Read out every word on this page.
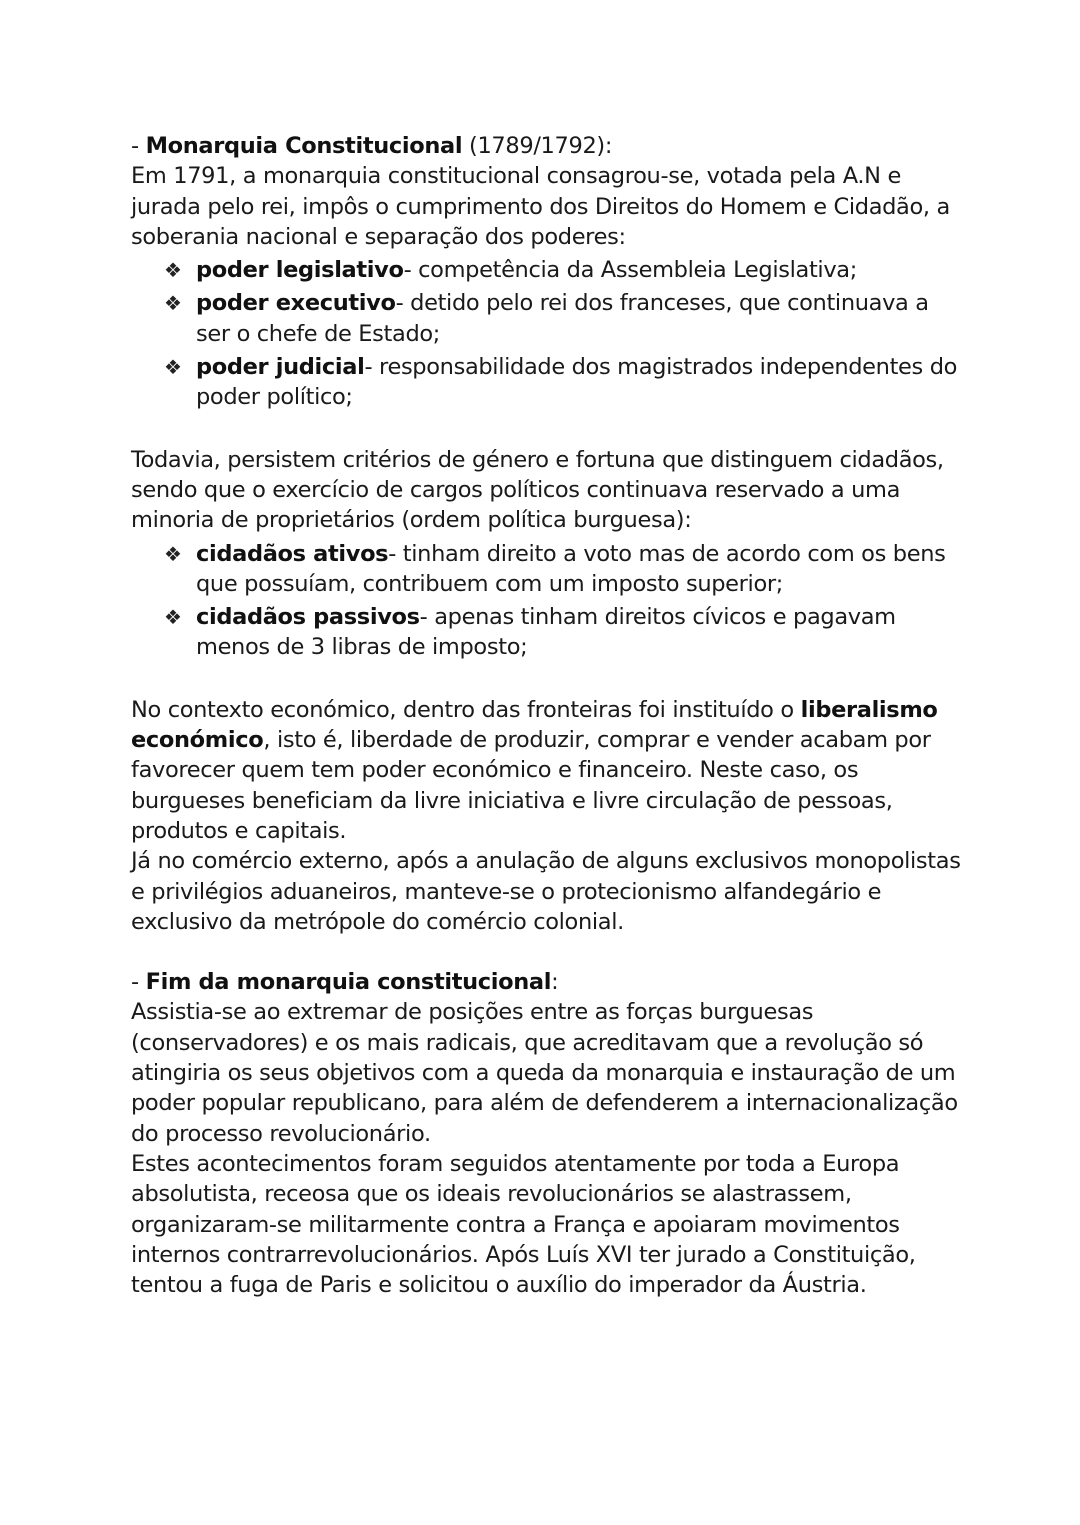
- Monarquia Constitucional (1789/1792):

Em 1791, a monarquia constitucional consagrou-se, votada pela A.N e jurada pelo rei, impôs o cumprimento dos Direitos do Homem e Cidadão, a soberania nacional e separação dos poderes:

❖ poder legislativo- competência da Assembleia Legislativa;
❖ poder executivo- detido pelo rei dos franceses, que continuava a ser o chefe de Estado;
❖ poder judicial- responsabilidade dos magistrados independentes do poder político;

Todavia, persistem critérios de género e fortuna que distinguem cidadãos, sendo que o exercício de cargos políticos continuava reservado a uma minoria de proprietários (ordem política burguesa):

❖ cidadãos ativos- tinham direito a voto mas de acordo com os bens que possuíam, contribuem com um imposto superior;
❖ cidadãos passivos- apenas tinham direitos cívicos e pagavam menos de 3 libras de imposto;

No contexto económico, dentro das fronteiras foi instituído o liberalismo económico, isto é, liberdade de produzir, comprar e vender acabam por favorecer quem tem poder económico e financeiro. Neste caso, os burgueses beneficiam da livre iniciativa e livre circulação de pessoas, produtos e capitais.

Já no comércio externo, após a anulação de alguns exclusivos monopolistas e privilégios aduaneiros, manteve-se o protecionismo alfandegário e exclusivo da metrópole do comércio colonial.

- Fim da monarquia constitucional:

Assistia-se ao extremar de posições entre as forças burguesas (conservadores) e os mais radicais, que acreditavam que a revolução só atingiria os seus objetivos com a queda da monarquia e instauração de um poder popular republicano, para além de defenderem a internacionalização do processo revolucionário.

Estes acontecimentos foram seguidos atentamente por toda a Europa absolutista, receosa que os ideais revolucionários se alastrassem, organizaram-se militarmente contra a França e apoiaram movimentos internos contrarrevolucionários. Após Luís XVI ter jurado a Constituição, tentou a fuga de Paris e solicitou o auxílio do imperador da Áustria.
